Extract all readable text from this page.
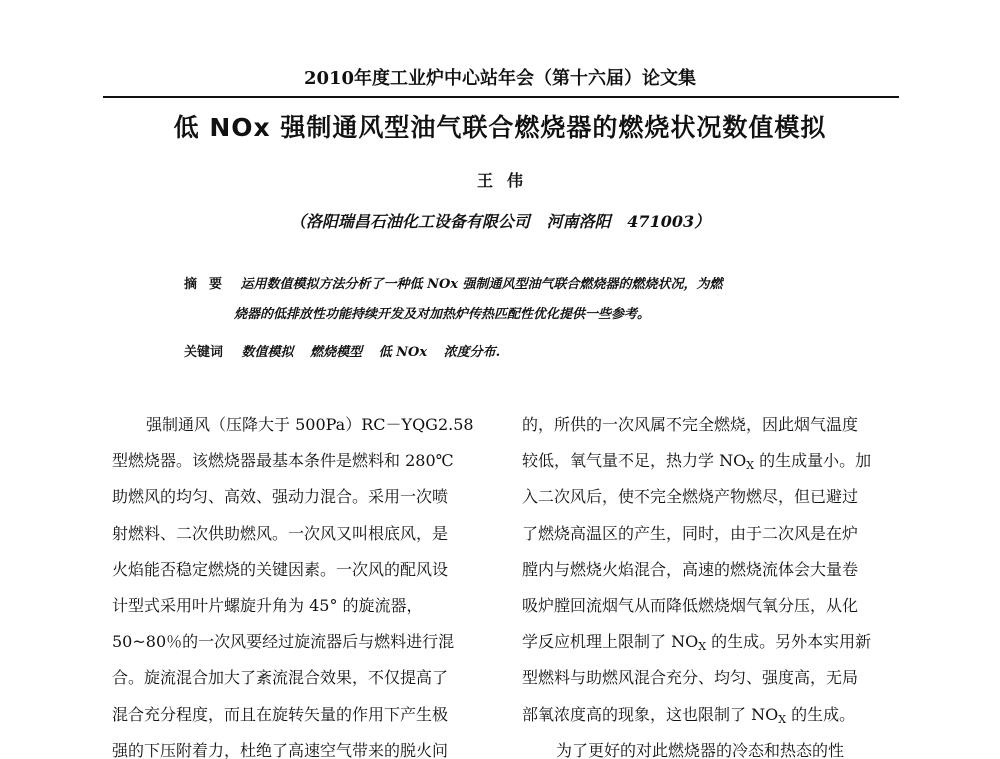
2010年度工业炉中心站年会（第十六届）论文集
低 NOx 强制通风型油气联合燃烧器的燃烧状况数值模拟
王伟
（洛阳瑞昌石油化工设备有限公司   河南洛阳   471003）
摘要 运用数值模拟方法分析了一种低 NOx 强制通风型油气联合燃烧器的燃烧状况，为燃
烧器的低排放性功能持续开发及对加热炉传热匹配性优化提供一些参考。
关键词 数值模拟 燃烧模型 低 NOx 浓度分布.
强制通风（压降大于 500Pa）RC－YQG2.58
型燃烧器。该燃烧器最基本条件是燃料和 280℃
助燃风的均匀、高效、强动力混合。采用一次喷
射燃料、二次供助燃风。一次风又叫根底风，是
火焰能否稳定燃烧的关键因素。一次风的配风设
计型式采用叶片螺旋升角为 45° 的旋流器，
50~80％的一次风要经过旋流器后与燃料进行混
合。旋流混合加大了紊流混合效果，不仅提高了
混合充分程度，而且在旋转矢量的作用下产生极
强的下压附着力，杜绝了高速空气带来的脱火问
的，所供的一次风属不完全燃烧，因此烟气温度
较低，氧气量不足，热力学 NOX 的生成量小。加
入二次风后，使不完全燃烧产物燃尽，但已避过
了燃烧高温区的产生，同时，由于二次风是在炉
膛内与燃烧火焰混合，高速的燃烧流体会大量卷
吸炉膛回流烟气从而降低燃烧烟气氧分压，从化
学反应机理上限制了 NOX 的生成。另外本实用新
型燃料与助燃风混合充分、均匀、强度高，无局
部氧浓度高的现象，这也限制了 NOX 的生成。
为了更好的对此燃烧器的冷态和热态的性
